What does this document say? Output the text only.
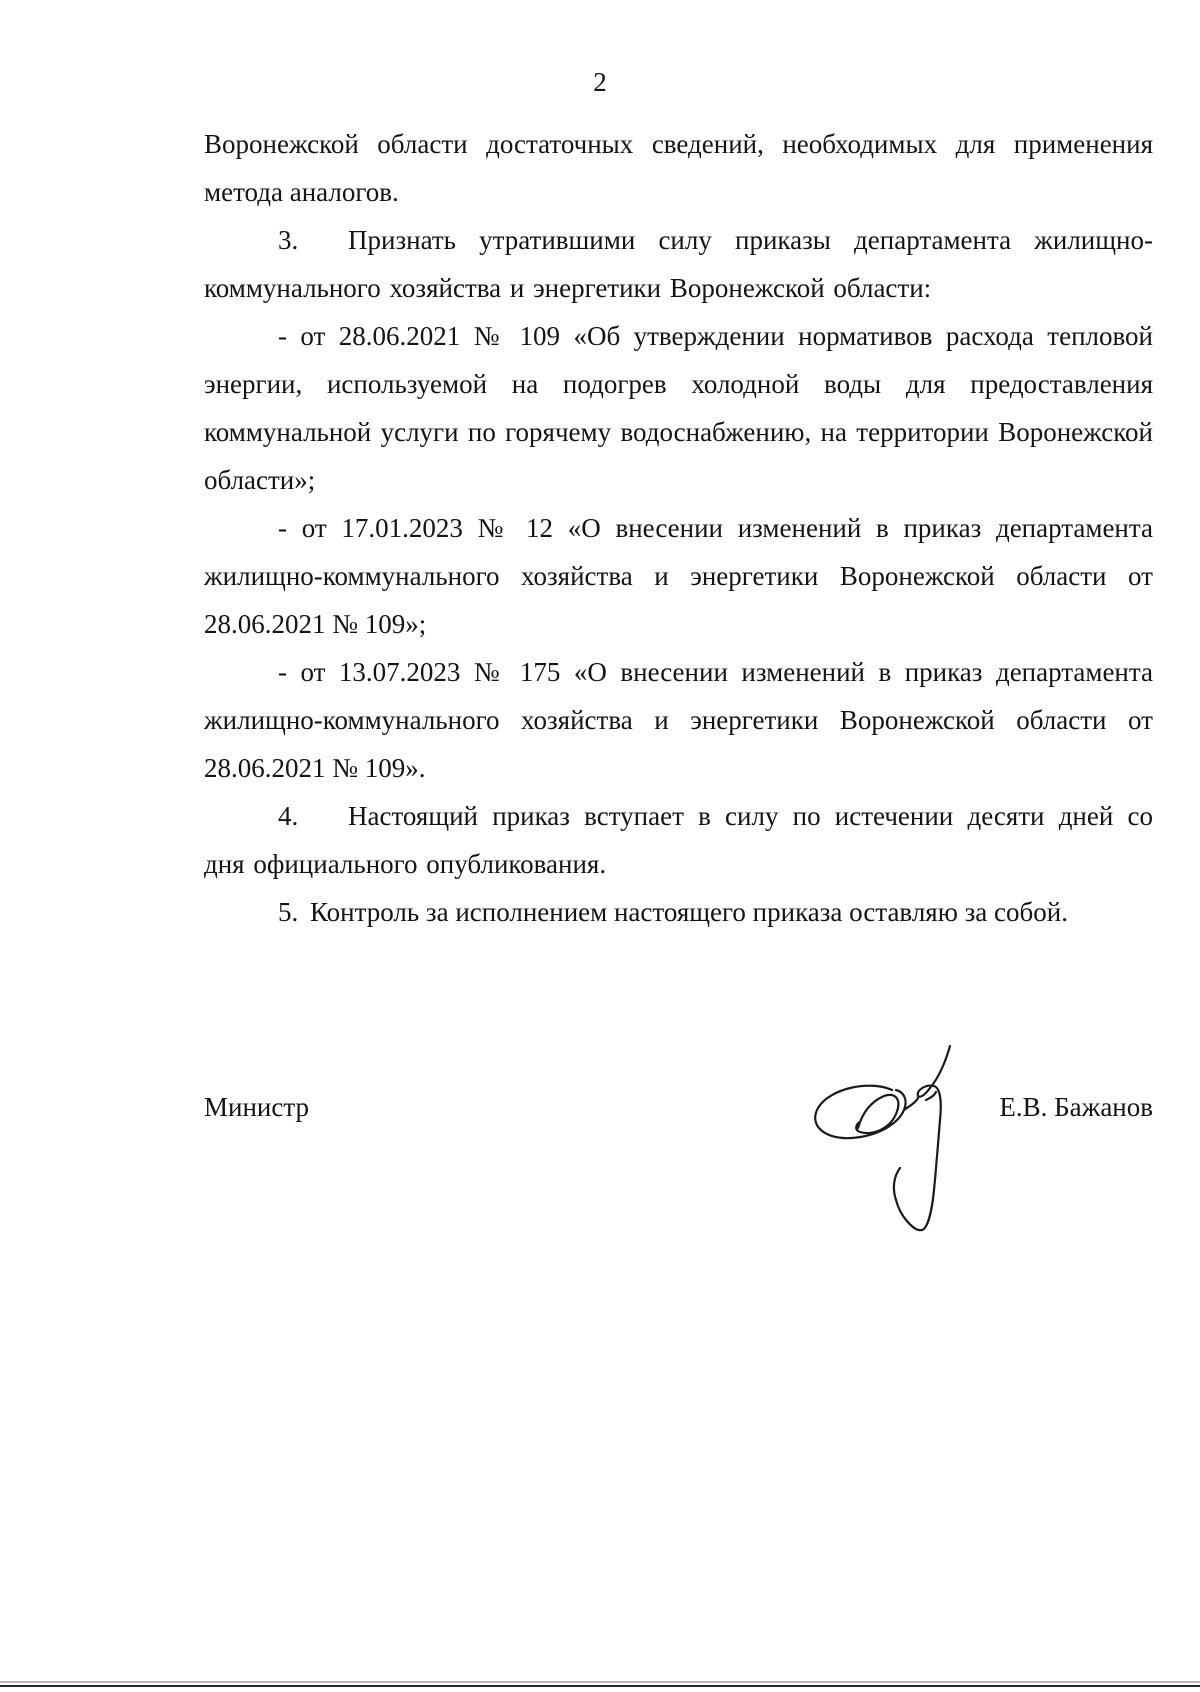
2

Воронежской области достаточных сведений, необходимых для применения метода аналогов.

3. Признать утратившими силу приказы департамента жилищно-коммунального хозяйства и энергетики Воронежской области:

- от 28.06.2021 № 109 «Об утверждении нормативов расхода тепловой энергии, используемой на подогрев холодной воды для предоставления коммунальной услуги по горячему водоснабжению, на территории Воронежской области»;

- от 17.01.2023 № 12 «О внесении изменений в приказ департамента жилищно-коммунального хозяйства и энергетики Воронежской области от 28.06.2021 № 109»;

- от 13.07.2023 № 175 «О внесении изменений в приказ департамента жилищно-коммунального хозяйства и энергетики Воронежской области от 28.06.2021 № 109».

4. Настоящий приказ вступает в силу по истечении десяти дней со дня официального опубликования.

5. Контроль за исполнением настоящего приказа оставляю за собой.

Министр	Е.В. Бажанов
